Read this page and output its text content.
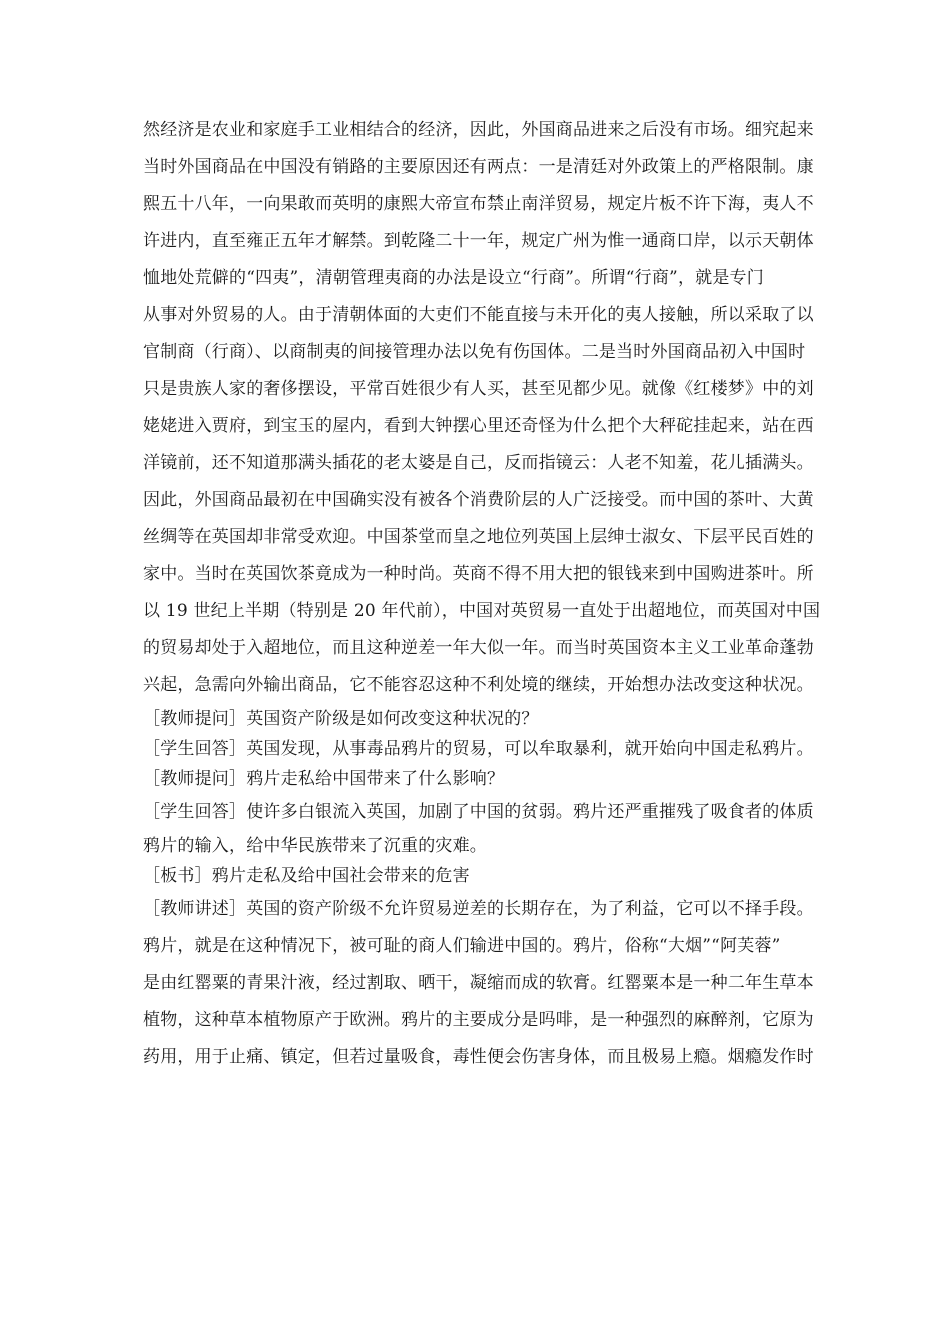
然经济是农业和家庭手工业相结合的经济，因此，外国商品进来之后没有市场。细究起来
当时外国商品在中国没有销路的主要原因还有两点：一是清廷对外政策上的严格限制。康
熙五十八年，一向果敢而英明的康熙大帝宣布禁止南洋贸易，规定片板不许下海，夷人不
许进内，直至雍正五年才解禁。到乾隆二十一年，规定广州为惟一通商口岸，以示天朝体
恤地处荒僻的“四夷”，清朝管理夷商的办法是设立“行商”。所谓“行商”，就是专门
从事对外贸易的人。由于清朝体面的大吏们不能直接与未开化的夷人接触，所以采取了以
官制商（行商）、以商制夷的间接管理办法以免有伤国体。二是当时外国商品初入中国时
只是贵族人家的奢侈摆设，平常百姓很少有人买，甚至见都少见。就像《红楼梦》中的刘
姥姥进入贾府，到宝玉的屋内，看到大钟摆心里还奇怪为什么把个大秤砣挂起来，站在西
洋镜前，还不知道那满头插花的老太婆是自己，反而指镜云：人老不知羞，花儿插满头。
因此，外国商品最初在中国确实没有被各个消费阶层的人广泛接受。而中国的茶叶、大黄
丝绸等在英国却非常受欢迎。中国茶堂而皇之地位列英国上层绅士淑女、下层平民百姓的
家中。当时在英国饮茶竟成为一种时尚。英商不得不用大把的银钱来到中国购进茶叶。所
以 19 世纪上半期（特别是 20 年代前），中国对英贸易一直处于出超地位，而英国对中国
的贸易却处于入超地位，而且这种逆差一年大似一年。而当时英国资本主义工业革命蓬勃
兴起，急需向外输出商品，它不能容忍这种不利处境的继续，开始想办法改变这种状况。
［教师提问］英国资产阶级是如何改变这种状况的？
［学生回答］英国发现，从事毒品鸦片的贸易，可以牟取暴利，就开始向中国走私鸦片。
［教师提问］鸦片走私给中国带来了什么影响？
［学生回答］使许多白银流入英国，加剧了中国的贫弱。鸦片还严重摧残了吸食者的体质
鸦片的输入，给中华民族带来了沉重的灾难。
［板书］鸦片走私及给中国社会带来的危害
［教师讲述］英国的资产阶级不允许贸易逆差的长期存在，为了利益，它可以不择手段。
鸦片，就是在这种情况下，被可耻的商人们输进中国的。鸦片，俗称“大烟”“阿芙蓉”
是由红罂粟的青果汁液，经过割取、晒干，凝缩而成的软膏。红罂粟本是一种二年生草本
植物，这种草本植物原产于欧洲。鸦片的主要成分是吗啡，是一种强烈的麻醉剂，它原为
药用，用于止痛、镇定，但若过量吸食，毒性便会伤害身体，而且极易上瘾。烟瘾发作时
